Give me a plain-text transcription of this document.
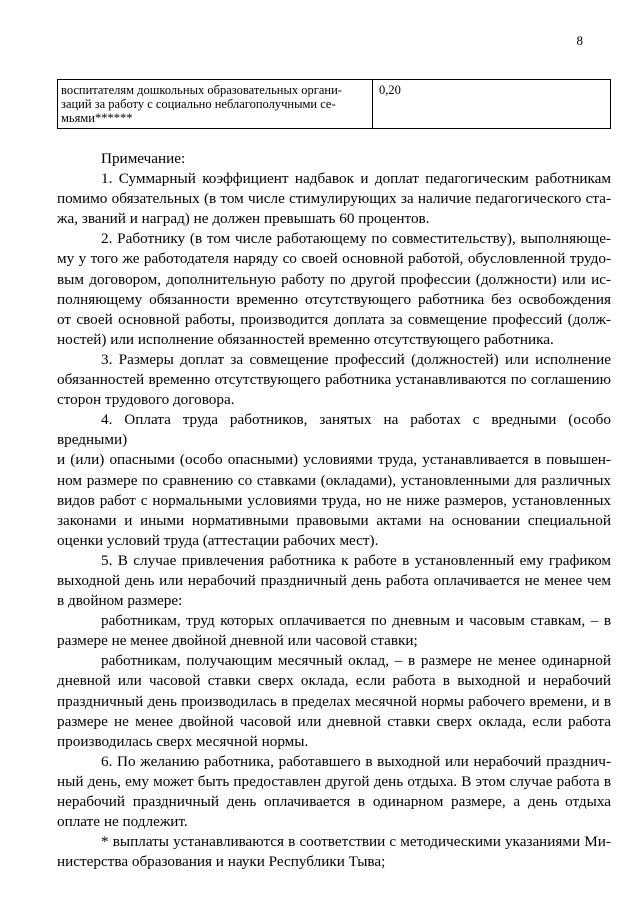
8
воспитателям дошкольных образовательных органи-
заций за работу с социально неблагополучными се-
мьями******
	0,20

Примечание:

1. Суммарный коэффициент надбавок и доплат педагогическим работникам
помимо обязательных (в том числе стимулирующих за наличие педагогического ста-
жа, званий и наград) не должен превышать 60 процентов.

2. Работнику (в том числе работающему по совместительству), выполняюще-
му у того же работодателя наряду со своей основной работой, обусловленной трудо-
вым договором, дополнительную работу по другой профессии (должности) или ис-
полняющему обязанности временно отсутствующего работника без освобождения
от своей основной работы, производится доплата за совмещение профессий (долж-
ностей) или исполнение обязанностей временно отсутствующего работника.

3. Размеры доплат за совмещение профессий (должностей) или исполнение
обязанностей временно отсутствующего работника устанавливаются по соглашению
сторон трудового договора.

4. Оплата труда работников, занятых на работах с вредными (особо вредными)
и (или) опасными (особо опасными) условиями труда, устанавливается в повышен-
ном размере по сравнению со ставками (окладами), установленными для различных
видов работ с нормальными условиями труда, но не ниже размеров, установленных
законами и иными нормативными правовыми актами на основании специальной
оценки условий труда (аттестации рабочих мест).

5. В случае привлечения работника к работе в установленный ему графиком
выходной день или нерабочий праздничный день работа оплачивается не менее чем
в двойном размере:

работникам, труд которых оплачивается по дневным и часовым ставкам, – в
размере не менее двойной дневной или часовой ставки;

работникам, получающим месячный оклад, – в размере не менее одинарной
дневной или часовой ставки сверх оклада, если работа в выходной и нерабочий
праздничный день производилась в пределах месячной нормы рабочего времени, и в
размере не менее двойной часовой или дневной ставки сверх оклада, если работа
производилась сверх месячной нормы.

6. По желанию работника, работавшего в выходной или нерабочий празднич-
ный день, ему может быть предоставлен другой день отдыха. В этом случае работа в
нерабочий праздничный день оплачивается в одинарном размере, а день отдыха
оплате не подлежит.

* выплаты устанавливаются в соответствии с методическими указаниями Ми-
нистерства образования и науки Республики Тыва;
